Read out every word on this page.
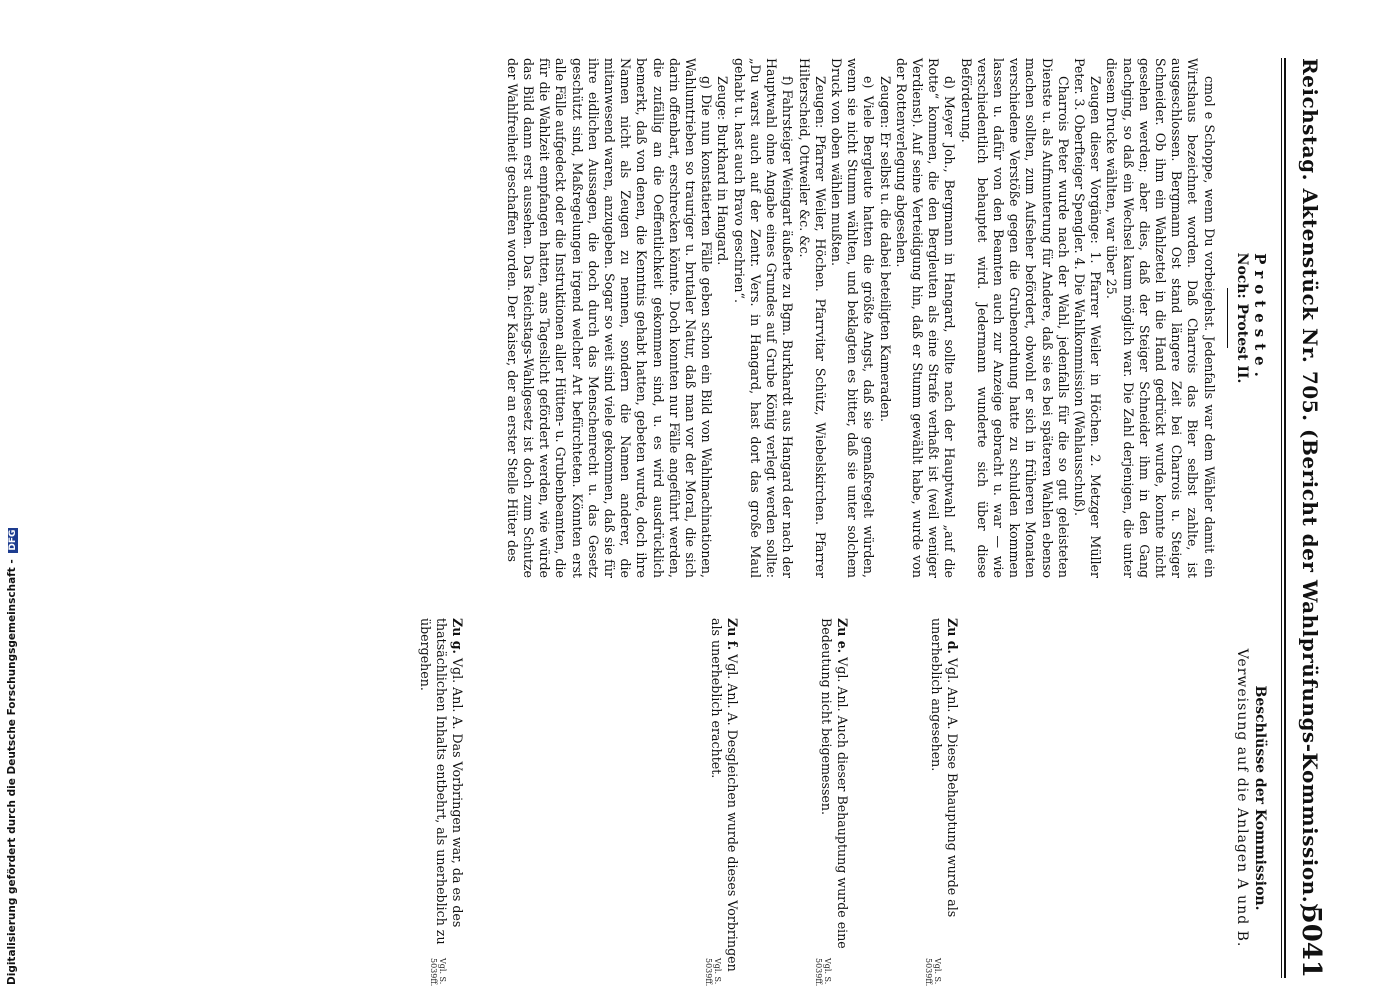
Reichstag. Aktenstück Nr. 705. (Bericht der Wahlprüfungs-Kommission.)
5041
Proteste.
Noch: Protest II.

cmol e Schoppe, wenn Du vorbeigehst. Jedenfalls war dem Wähler damit ein Wirtshaus bezeichnet worden. Daß Charrois das Bier selbst zahlte, ist ausgeschlossen. Bergmann Ost stand längere Zeit bei Charrois u. Steiger Schneider. Ob ihm ein Wahlzettel in die Hand gedrückt wurde, konnte nicht gesehen werden; aber dies, daß der Steiger Schneider ihm in den Gang nachging, so daß ein Wechsel kaum möglich war. Die Zahl derjenigen, die unter diesem Drucke wählten, war über 25.

Zeugen dieser Vorgänge: 1. Pfarrer Weiler in Höchen. 2. Metzger Müller Peter. 3. Oberfteiger Spengler. 4. Die Wahlkommission (Wahlausschuß).

Charrois Peter wurde nach der Wahl, jedenfalls für die so gut geleisteten Dienste u. als Aufmunterung für Andere, daß sie es bei späteren Wahlen ebenso machen sollten, zum Aufseher befördert, obwohl er sich in früheren Monaten verschiedene Verstöße gegen die Grubenordnung hatte zu schulden kommen lassen u. dafür von den Beamten auch zur Anzeige gebracht u. war — wie verschiedentlich behauptet wird. Jedermann wunderte sich über diese Beförderung.

d) Meyer Joh., Bergmann in Hangard, sollte nach der Hauptwahl „auf die Rotte“ kommen, die den Bergleuten als eine Strafe verhaßt ist (weil weniger Verdienst). Auf seine Verteidigung hin, daß er Stumm gewählt habe, wurde von der Rottenverlegung abgesehen.

Zeugen: Er selbst u. die dabei beteiligten Kameraden.

e) Viele Bergleute hatten die größte Angst, daß sie gemaßregelt würden, wenn sie nicht Stumm wählten, und beklagten es bitter, daß sie unter solchem Druck von oben wählen mußten.

Zeugen: Pfarrer Weiler, Höchen. Pfarrvitar Schütz, Wiebelskirchen. Pfarrer Hilterscheid, Ottweiler &c. &c.

f) Fahrsteiger Weingart äußerte zu Bgm. Burkhardt aus Hangard der nach der Hauptwahl ohne Angabe eines Grundes auf Grube König verlegt werden sollte: „Du warst auch auf der Zentr. Vers. in Hangard, hast dort das große Maul gehabt u. hast auch Bravo geschrien“.

Zeuge: Burkhard in Hangard.

g) Die nun konstatierten Fälle geben schon ein Bild von Wahlmachinationen, Wahlumtrieben so trauriger u. brutaler Natur, daß man vor der Moral, die sich darin offenbart, erschrecken könnte. Doch konnten nur Fälle angeführt werden, die zufällig an die Oeffentlichkeit gekommen sind, u. es wird ausdrücklich bemerkt, daß von denen, die Kenntnis gehabt hatten, gebeten wurde, doch ihre Namen nicht als Zeugen zu nennen, sondern die Namen anderer, die mitanwesend waren, anzugeben. Sogar so weit sind viele gekommen, daß sie für ihre eidlichen Aussagen, die doch durch das Menschenrecht u. das Gesetz geschützt sind, Maßregelungen irgend welcher Art befürchteten. Könnten erst alle Fälle aufgedeckt oder die Instruktionen aller Hütten- u. Grubenbeamten, die für die Wahlzeit empfangen hatten, ans Tageslicht gefördert werden, wie würde das Bild dann erst aussehen. Das Reichstags-Wahlgesetz ist doch zum Schutze der Wahlfreiheit geschaffen worden. Der Kaiser, der an erster Stelle Hüter des

Beschlüsse der Kommission.
Verweisung auf die Anlagen A und B.
Zu d. Vgl. Anl. A. Diese Behauptung wurde als unerheblich angesehen.
Vgl. S. 5039ff.
Zu e. Vgl. Anl. Auch dieser Behauptung wurde eine Bedeutung nicht beigemessen.
Vgl. S. 5039ff.
Zu f. Vgl. Anl. A. Desgleichen wurde dieses Vorbringen als unerheblich erachtet.
Vgl. S. 5039ff.
Zu g. Vgl. Anl. A. Das Vorbringen war, da es des thatsächlichen Inhalts entbehrt, als unerheblich zu übergehen.
Vgl. S. 5039ff.
Digitalisierung gefördert durch die Deutsche Forschungsgemeinschaft - DFG
